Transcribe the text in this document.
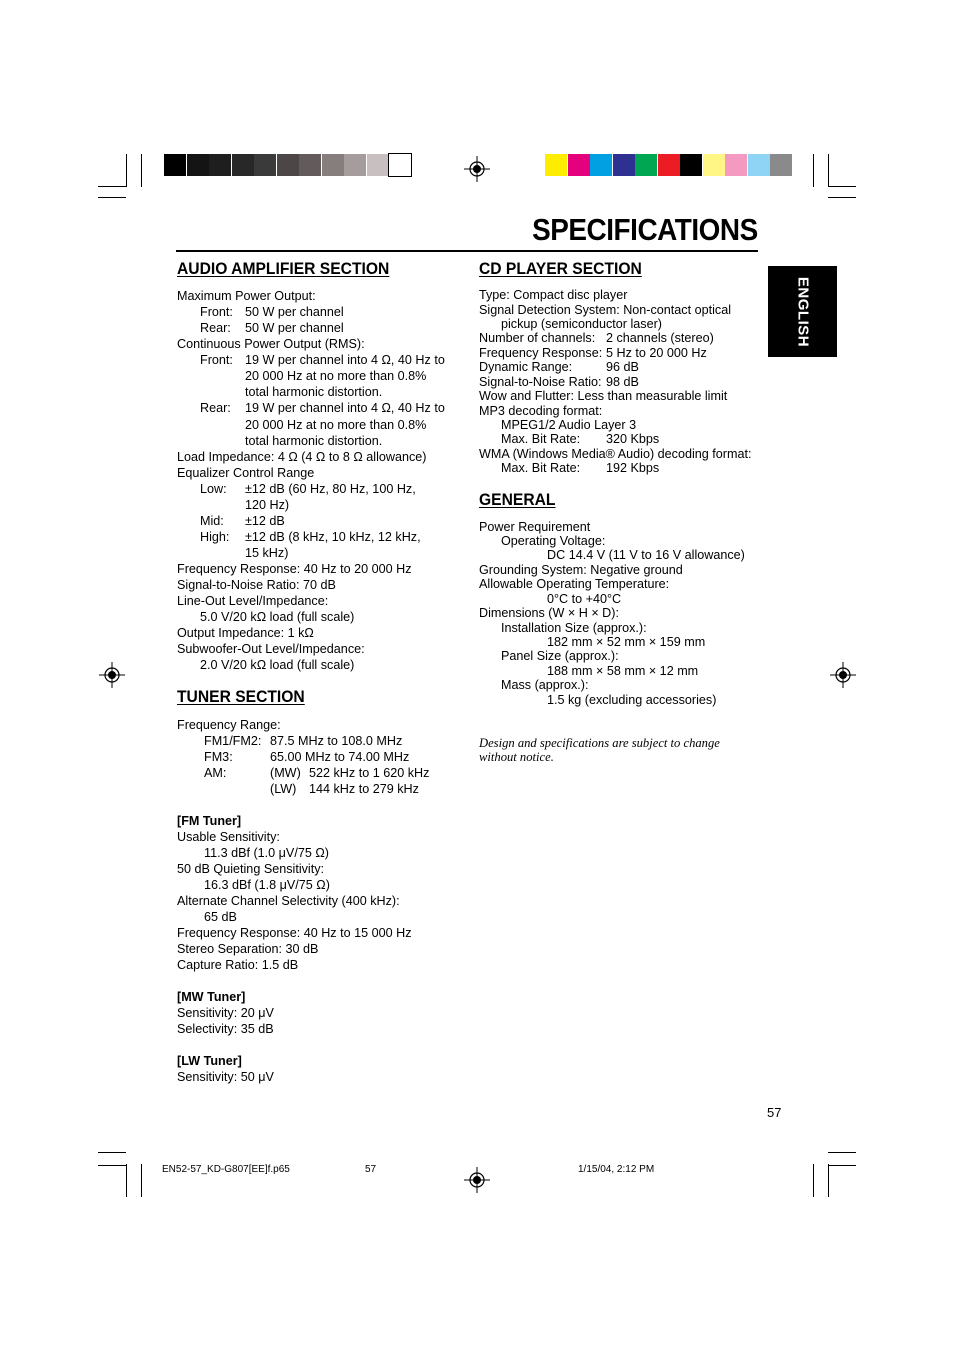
SPECIFICATIONS
ENGLISH
AUDIO AMPLIFIER SECTION
TUNER SECTION
CD PLAYER SECTION
GENERAL
Maximum Power Output:
Front: 50 W per channel
Rear: 50 W per channel
Continuous Power Output (RMS):
Front: 19 W per channel into 4 Ω, 40 Hz to
20 000 Hz at no more than 0.8%
total harmonic distortion.
Rear: 19 W per channel into 4 Ω, 40 Hz to
20 000 Hz at no more than 0.8%
total harmonic distortion.
Load Impedance: 4 Ω (4 Ω to 8 Ω allowance)
Equalizer Control Range
Low: ±12 dB (60 Hz, 80 Hz, 100 Hz,
120 Hz)
Mid: ±12 dB
High: ±12 dB (8 kHz, 10 kHz, 12 kHz,
15 kHz)
Frequency Response: 40 Hz to 20 000 Hz
Signal-to-Noise Ratio: 70 dB
Line-Out Level/Impedance:
5.0 V/20 kΩ load (full scale)
Output Impedance: 1 kΩ
Subwoofer-Out Level/Impedance:
2.0 V/20 kΩ load (full scale)
Frequency Range:
FM1/FM2: 87.5 MHz to 108.0 MHz
FM3:	65.00 MHz to 74.00 MHz
AM:	(MW) 522 kHz to 1 620 kHz
(LW) 144 kHz to 279 kHz
Usable Sensitivity:
11.3 dBf (1.0 μV/75 Ω)
50 dB Quieting Sensitivity:
16.3 dBf (1.8 μV/75 Ω)
Alternate Channel Selectivity (400 kHz):
65 dB
Frequency Response: 40 Hz to 15 000 Hz
Stereo Separation: 30 dB
Capture Ratio: 1.5 dB
Sensitivity: 20 μV
Selectivity: 35 dB
Sensitivity: 50 μV
[FM Tuner]
[MW Tuner]
[LW Tuner]
Type: Compact disc player
Signal Detection System: Non-contact optical
pickup (semiconductor laser)
Number of channels: 2 channels (stereo)
Frequency Response: 5 Hz to 20 000 Hz
Dynamic Range:	96 dB
Signal-to-Noise Ratio: 98 dB
Wow and Flutter: Less than measurable limit
MP3 decoding format:
MPEG1/2 Audio Layer 3
Max. Bit Rate: 320 Kbps
WMA (Windows Media® Audio) decoding format:
Max. Bit Rate: 192 Kbps
Power Requirement
Operating Voltage:
DC 14.4 V (11 V to 16 V allowance)
Grounding System: Negative ground
Allowable Operating Temperature:
0°C to +40°C
Dimensions (W × H × D):
Installation Size (approx.):
182 mm × 52 mm × 159 mm
Panel Size (approx.):
188 mm × 58 mm × 12 mm
Mass (approx.):
1.5 kg (excluding accessories)
Design and specifications are subject to change
without notice.
57
EN52-57_KD-G807[EE]f.p65	57	1/15/04, 2:12 PM
